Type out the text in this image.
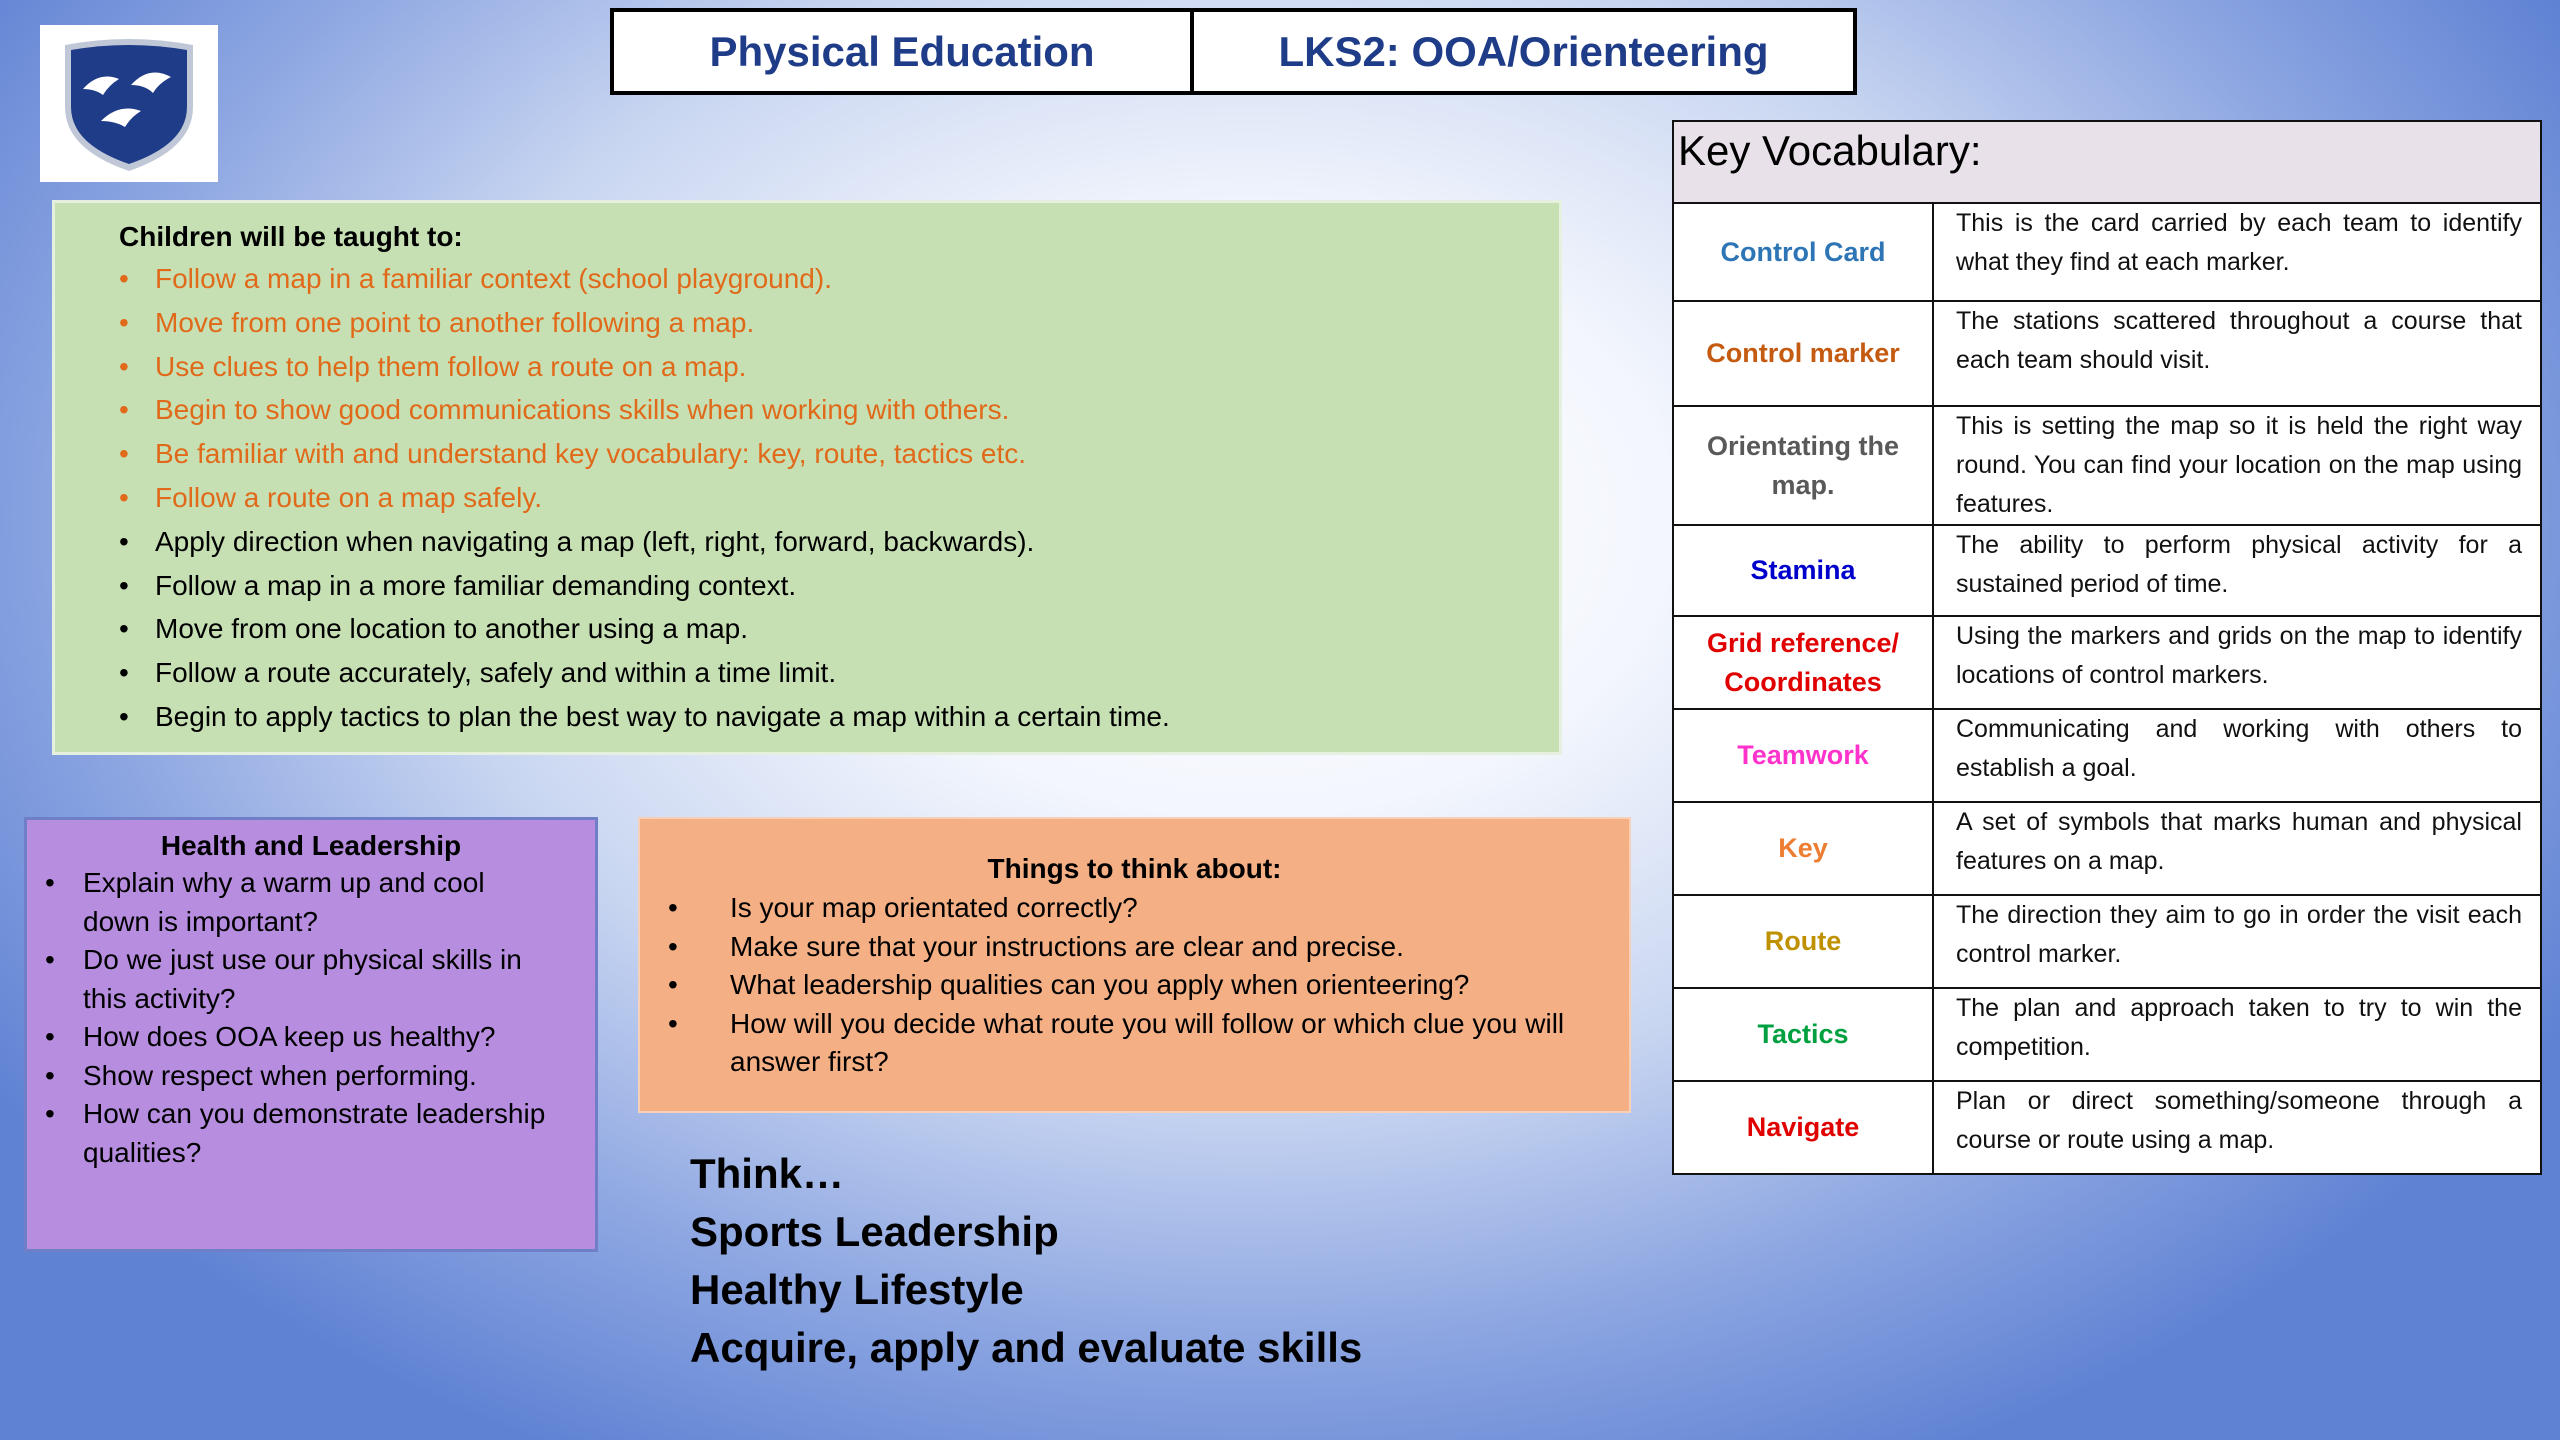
Physical Education	LKS2: OOA/Orienteering
Children will be taught to:
• Follow a map in a familiar context (school playground).
• Move from one point to another following a map.
• Use clues to help them follow a route on a map.
• Begin to show good communications skills when working with others.
• Be familiar with and understand key vocabulary: key, route, tactics etc.
• Follow a route on a map safely.
• Apply direction when navigating a map (left, right, forward, backwards).
• Follow a map in a more familiar demanding context.
• Move from one location to another using a map.
• Follow a route accurately, safely and within a time limit.
• Begin to apply tactics to plan the best way to navigate a map within a certain time.
Health and Leadership
• Explain why a warm up and cool down is important?
• Do we just use our physical skills in this activity?
• How does OOA keep us healthy?
• Show respect when performing.
• How can you demonstrate leadership qualities?
Things to think about:
• Is your map orientated correctly?
• Make sure that your instructions are clear and precise.
• What leadership qualities can you apply when orienteering?
• How will you decide what route you will follow or which clue you will answer first?
Think…
Sports Leadership
Healthy Lifestyle
Acquire, apply and evaluate skills
Key Vocabulary:
Control Card	This is the card carried by each team to identify what they find at each marker.
Control marker	The stations scattered throughout a course that each team should visit.
Orientating the map.	This is setting the map so it is held the right way round. You can find your location on the map using features.
Stamina	The ability to perform physical activity for a sustained period of time.
Grid reference/ Coordinates	Using the markers and grids on the map to identify locations of control markers.
Teamwork	Communicating and working with others to establish a goal.
Key	A set of symbols that marks human and physical features on a map.
Route	The direction they aim to go in order the visit each control marker.
Tactics	The plan and approach taken to try to win the competition.
Navigate	Plan or direct something/someone through a course or route using a map.
